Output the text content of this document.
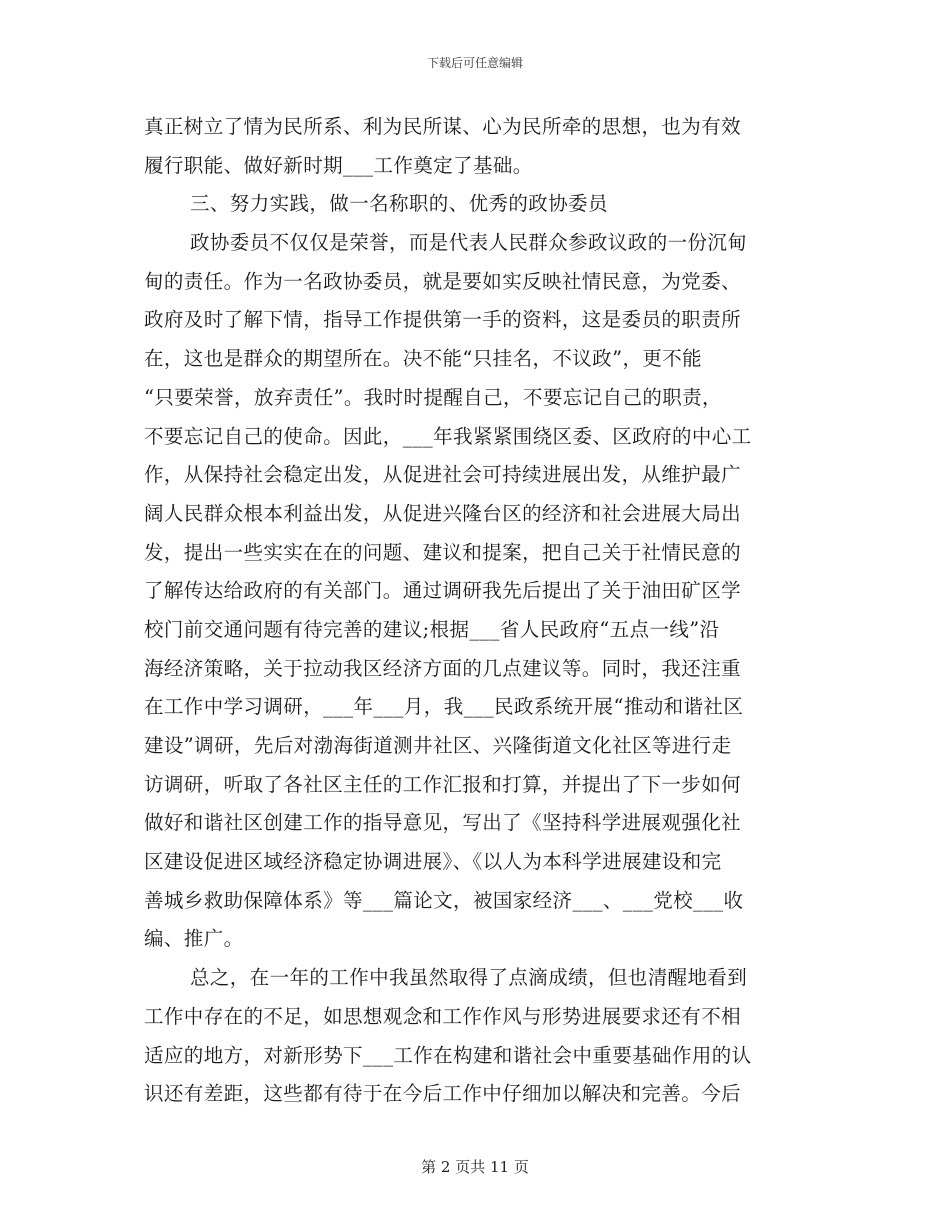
下载后可任意编辑
真正树立了情为民所系、利为民所谋、心为民所牵的思想，也为有效
履行职能、做好新时期___工作奠定了基础。
三、努力实践，做一名称职的、优秀的政协委员
政协委员不仅仅是荣誉，而是代表人民群众参政议政的一份沉甸
甸的责任。作为一名政协委员，就是要如实反映社情民意，为党委、
政府及时了解下情，指导工作提供第一手的资料，这是委员的职责所
在，这也是群众的期望所在。决不能“只挂名，不议政”，更不能
“只要荣誉，放弃责任”。我时时提醒自己，不要忘记自己的职责，
不要忘记自己的使命。因此，___年我紧紧围绕区委、区政府的中心工
作，从保持社会稳定出发，从促进社会可持续进展出发，从维护最广
阔人民群众根本利益出发，从促进兴隆台区的经济和社会进展大局出
发，提出一些实实在在的问题、建议和提案，把自己关于社情民意的
了解传达给政府的有关部门。通过调研我先后提出了关于油田矿区学
校门前交通问题有待完善的建议;根据___省人民政府“五点一线”沿
海经济策略，关于拉动我区经济方面的几点建议等。同时，我还注重
在工作中学习调研，___年___月，我___民政系统开展“推动和谐社区
建设”调研，先后对渤海街道测井社区、兴隆街道文化社区等进行走
访调研，听取了各社区主任的工作汇报和打算，并提出了下一步如何
做好和谐社区创建工作的指导意见，写出了《坚持科学进展观强化社
区建设促进区域经济稳定协调进展》、《以人为本科学进展建设和完
善城乡救助保障体系》等___篇论文，被国家经济___、___党校___收
编、推广。
总之，在一年的工作中我虽然取得了点滴成绩，但也清醒地看到
工作中存在的不足，如思想观念和工作作风与形势进展要求还有不相
适应的地方，对新形势下___工作在构建和谐社会中重要基础作用的认
识还有差距，这些都有待于在今后工作中仔细加以解决和完善。今后
第 2 页共 11 页
